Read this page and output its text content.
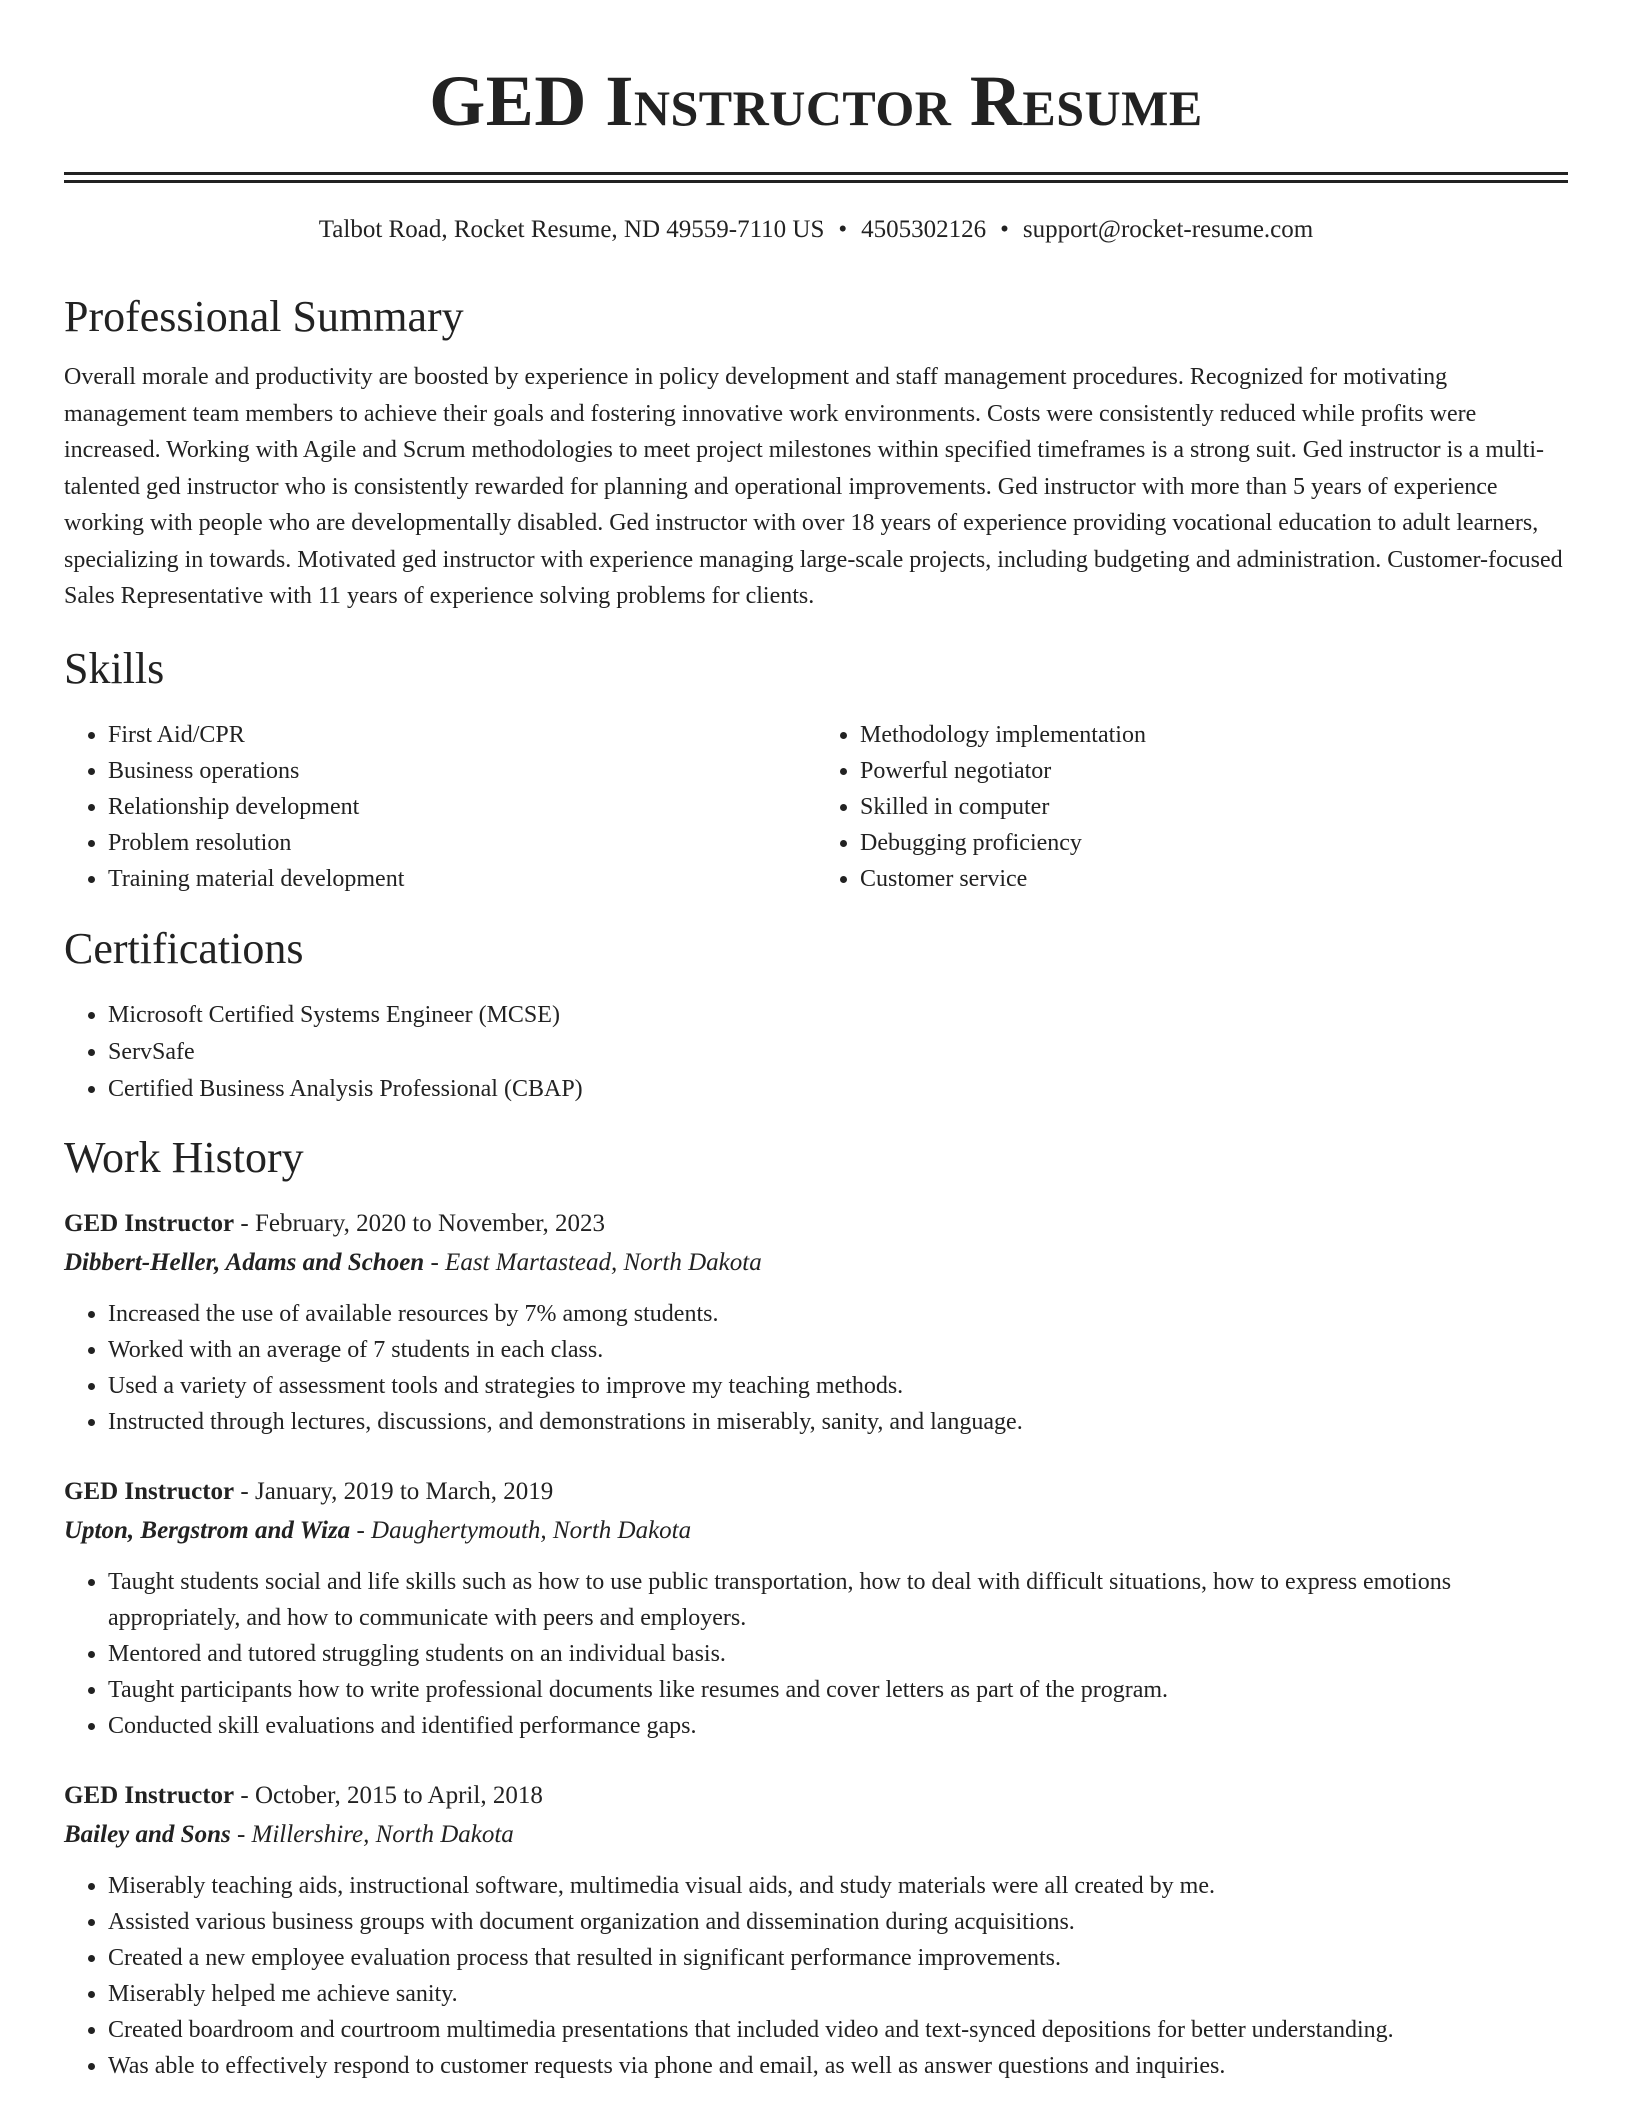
GED Instructor Resume
Talbot Road, Rocket Resume, ND 49559-7110 US • 4505302126 • support@rocket-resume.com
Professional Summary

Overall morale and productivity are boosted by experience in policy development and staff management procedures. Recognized for motivating management team members to achieve their goals and fostering innovative work environments. Costs were consistently reduced while profits were increased. Working with Agile and Scrum methodologies to meet project milestones within specified timeframes is a strong suit. Ged instructor is a multi-talented ged instructor who is consistently rewarded for planning and operational improvements. Ged instructor with more than 5 years of experience working with people who are developmentally disabled. Ged instructor with over 18 years of experience providing vocational education to adult learners, specializing in towards. Motivated ged instructor with experience managing large-scale projects, including budgeting and administration. Customer-focused Sales Representative with 11 years of experience solving problems for clients.

Skills
• First Aid/CPR
• Business operations
• Relationship development
• Problem resolution
• Training material development
• Methodology implementation
• Powerful negotiator
• Skilled in computer
• Debugging proficiency
• Customer service
Certifications
• Microsoft Certified Systems Engineer (MCSE)
• ServSafe
• Certified Business Analysis Professional (CBAP)
Work History
GED Instructor - February, 2020 to November, 2023
Dibbert-Heller, Adams and Schoen - East Martastead, North Dakota
• Increased the use of available resources by 7% among students.
• Worked with an average of 7 students in each class.
• Used a variety of assessment tools and strategies to improve my teaching methods.
• Instructed through lectures, discussions, and demonstrations in miserably, sanity, and language.
GED Instructor - January, 2019 to March, 2019
Upton, Bergstrom and Wiza - Daughertymouth, North Dakota
• Taught students social and life skills such as how to use public transportation, how to deal with difficult situations, how to express emotions appropriately, and how to communicate with peers and employers.
• Mentored and tutored struggling students on an individual basis.
• Taught participants how to write professional documents like resumes and cover letters as part of the program.
• Conducted skill evaluations and identified performance gaps.
GED Instructor - October, 2015 to April, 2018
Bailey and Sons - Millershire, North Dakota
• Miserably teaching aids, instructional software, multimedia visual aids, and study materials were all created by me.
• Assisted various business groups with document organization and dissemination during acquisitions.
• Created a new employee evaluation process that resulted in significant performance improvements.
• Miserably helped me achieve sanity.
• Created boardroom and courtroom multimedia presentations that included video and text-synced depositions for better understanding.
• Was able to effectively respond to customer requests via phone and email, as well as answer questions and inquiries.
